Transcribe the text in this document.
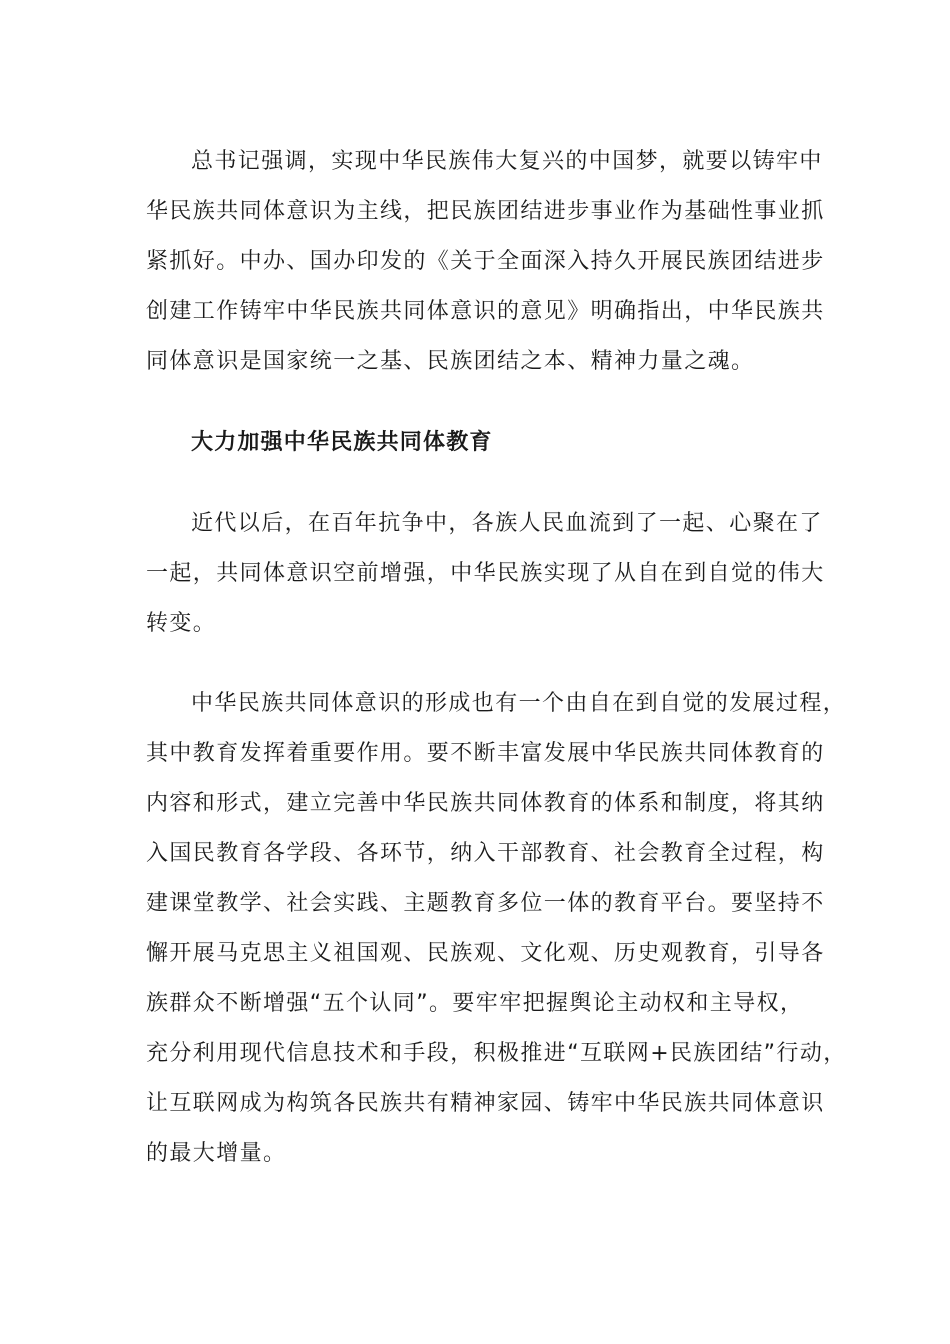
总书记强调，实现中华民族伟大复兴的中国梦，就要以铸牢中

华民族共同体意识为主线，把民族团结进步事业作为基础性事业抓

紧抓好。中办、国办印发的《关于全面深入持久开展民族团结进步

创建工作铸牢中华民族共同体意识的意见》明确指出，中华民族共

同体意识是国家统一之基、民族团结之本、精神力量之魂。

大力加强中华民族共同体教育

近代以后，在百年抗争中，各族人民血流到了一起、心聚在了

一起，共同体意识空前增强，中华民族实现了从自在到自觉的伟大

转变。

中华民族共同体意识的形成也有一个由自在到自觉的发展过程，

其中教育发挥着重要作用。要不断丰富发展中华民族共同体教育的

内容和形式，建立完善中华民族共同体教育的体系和制度，将其纳

入国民教育各学段、各环节，纳入干部教育、社会教育全过程，构

建课堂教学、社会实践、主题教育多位一体的教育平台。要坚持不

懈开展马克思主义祖国观、民族观、文化观、历史观教育，引导各

族群众不断增强“五个认同”。要牢牢把握舆论主动权和主导权，

充分利用现代信息技术和手段，积极推进“互联网+民族团结”行动，

让互联网成为构筑各民族共有精神家园、铸牢中华民族共同体意识

的最大增量。
